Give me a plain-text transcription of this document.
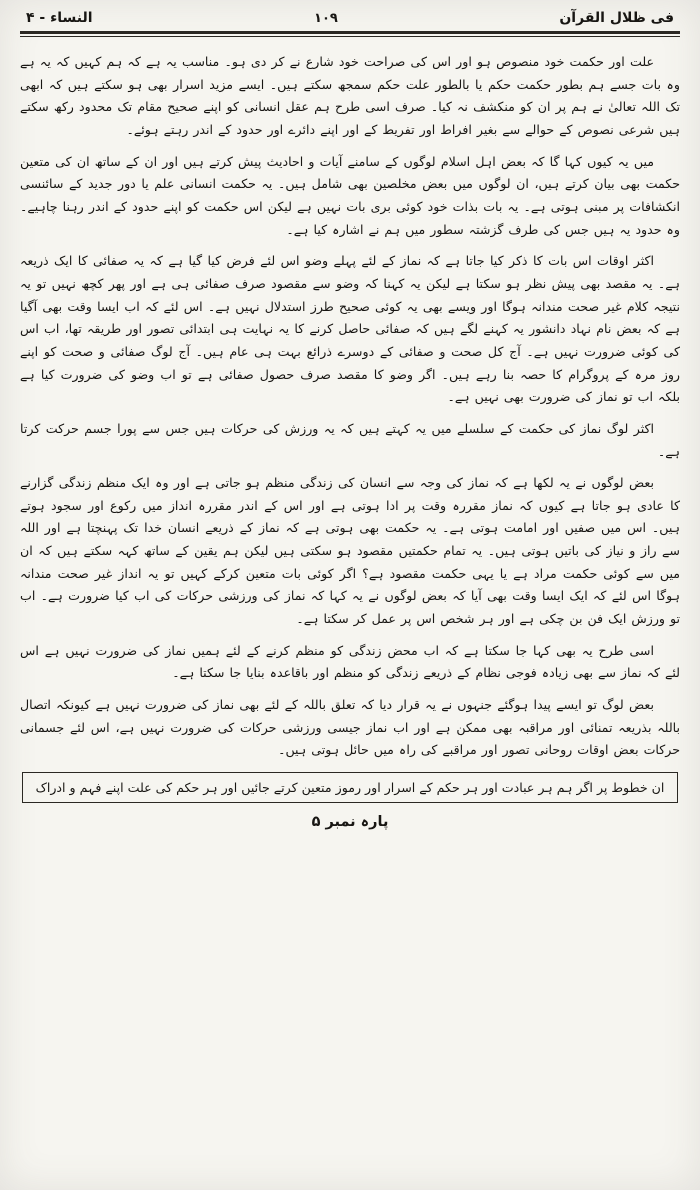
فی ظلال القرآن
١٠٩
النساء - ۴

علت اور حکمت خود منصوص ہو اور اس کی صراحت خود شارع نے کر دی ہو۔ مناسب یہ ہے کہ ہم کہیں کہ یہ ہے وہ بات جسے ہم بطور حکمت حکم یا بالطور علت حکم سمجھ سکتے ہیں۔ ایسے مزید اسرار بھی ہو سکتے ہیں کہ ابھی تک اللہ تعالیٰ نے ہم پر ان کو منکشف نہ کیا۔ صرف اسی طرح ہم عقل انسانی کو اپنے صحیح مقام تک محدود رکھ سکتے ہیں شرعی نصوص کے حوالے سے بغیر افراط اور تفریط کے اور اپنے دائرے اور حدود کے اندر رہتے ہوئے۔

میں یہ کیوں کہا گا کہ بعض اہل اسلام لوگوں کے سامنے آیات و احادیث پیش کرتے ہیں اور ان کے ساتھ ان کی متعین حکمت بھی بیان کرتے ہیں، ان لوگوں میں بعض مخلصین بھی شامل ہیں۔ یہ حکمت انسانی علم یا دور جدید کے سائنسی انکشافات پر مبنی ہوتی ہے۔ یہ بات بذات خود کوئی بری بات نہیں ہے لیکن اس حکمت کو اپنے حدود کے اندر رہنا چاہیے۔ وہ حدود یہ ہیں جس کی طرف گزشتہ سطور میں ہم نے اشارہ کیا ہے۔

اکثر اوقات اس بات کا ذکر کیا جاتا ہے کہ نماز کے لئے پہلے وضو اس لئے فرض کیا گیا ہے کہ یہ صفائی کا ایک ذریعہ ہے۔ یہ مقصد بھی پیش نظر ہو سکتا ہے لیکن یہ کہنا کہ وضو سے مقصود صرف صفائی ہی ہے اور پھر کچھ نہیں تو یہ نتیجہ کلام غیر صحت مندانہ ہوگا اور ویسے بھی یہ کوئی صحیح طرز استدلال نہیں ہے۔ اس لئے کہ اب ایسا وقت بھی آگیا ہے کہ بعض نام نہاد دانشور یہ کہنے لگے ہیں کہ صفائی حاصل کرنے کا یہ نہایت ہی ابتدائی تصور اور طریقہ تھا، اب اس کی کوئی ضرورت نہیں ہے۔ آج کل صحت و صفائی کے دوسرے ذرائع بہت ہی عام ہیں۔ آج لوگ صفائی و صحت کو اپنے روز مرہ کے پروگرام کا حصہ بنا رہے ہیں۔ اگر وضو کا مقصد صرف حصول صفائی ہے تو اب وضو کی ضرورت کیا ہے بلکہ اب تو نماز کی ضرورت بھی نہیں ہے۔

اکثر لوگ نماز کی حکمت کے سلسلے میں یہ کہتے ہیں کہ یہ ورزش کی حرکات ہیں جس سے پورا جسم حرکت کرتا ہے۔

بعض لوگوں نے یہ لکھا ہے کہ نماز کی وجہ سے انسان کی زندگی منظم ہو جاتی ہے اور وہ ایک منظم زندگی گزارنے کا عادی ہو جاتا ہے کیوں کہ نماز مقررہ وقت پر ادا ہوتی ہے اور اس کے اندر مقررہ انداز میں رکوع اور سجود ہوتے ہیں۔ اس میں صفیں اور امامت ہوتی ہے۔ یہ حکمت بھی ہوتی ہے کہ نماز کے ذریعے انسان خدا تک پہنچتا ہے اور اللہ سے راز و نیاز کی باتیں ہوتی ہیں۔ یہ تمام حکمتیں مقصود ہو سکتی ہیں لیکن ہم یقین کے ساتھ کہہ سکتے ہیں کہ ان میں سے کوئی حکمت مراد ہے یا یہی حکمت مقصود ہے؟ اگر کوئی بات متعین کرکے کہیں تو یہ انداز غیر صحت مندانہ ہوگا اس لئے کہ ایک ایسا وقت بھی آیا کہ بعض لوگوں نے یہ کہا کہ نماز کی ورزشی حرکات کی اب کیا ضرورت ہے۔ اب تو ورزش ایک فن بن چکی ہے اور ہر شخص اس پر عمل کر سکتا ہے۔

اسی طرح یہ بھی کہا جا سکتا ہے کہ اب محض زندگی کو منظم کرنے کے لئے ہمیں نماز کی ضرورت نہیں ہے اس لئے کہ نماز سے بھی زیادہ فوجی نظام کے ذریعے زندگی کو منظم اور باقاعدہ بنایا جا سکتا ہے۔

بعض لوگ تو ایسے پیدا ہوگئے جنہوں نے یہ قرار دیا کہ تعلق باللہ کے لئے بھی نماز کی ضرورت نہیں ہے کیونکہ اتصال باللہ بذریعہ تمنائی اور مراقبہ بھی ممکن ہے اور اب نماز جیسی ورزشی حرکات کی ضرورت نہیں ہے، اس لئے جسمانی حرکات بعض اوقات روحانی تصور اور مراقبے کی راہ میں حائل ہوتی ہیں۔

ان خطوط پر اگر ہم ہر عبادت اور ہر حکم کے اسرار اور رموز متعین کرتے جائیں اور ہر حکم کی علت اپنے فہم و ادراک
پارہ نمبر ۵
